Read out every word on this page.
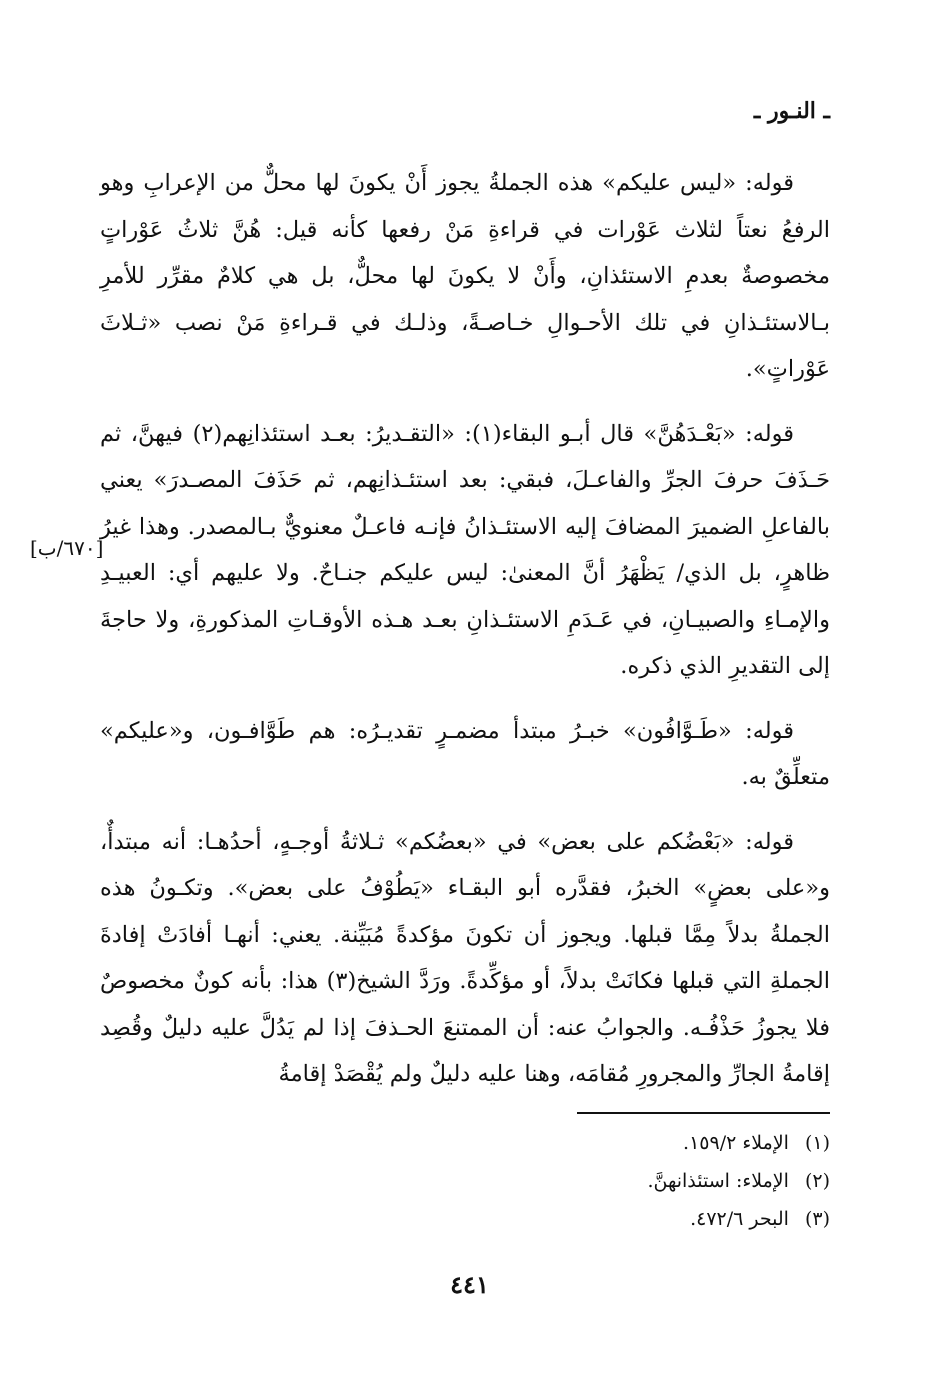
ـ النـور ـ
[٦٧٠/ب]

قوله: «ليس عليكم» هذه الجملةُ يجوز أَنْ يكونَ لها محلٌّ من الإعرابِ وهو الرفعُ نعتاً لثلاث عَوْرات في قراءةِ مَنْ رفعها كأنه قيل: هُنَّ ثلاثُ عَوْراتٍ مخصوصةٌ بعدمِ الاستئذانِ، وأَنْ لا يكونَ لها محلٌّ، بل هي كلامٌ مقرِّر للأمرِ بـالاستئـذانِ في تلك الأحـوالِ خـاصـةً، وذلـك في قـراءةِ مَنْ نصب «ثـلاثَ عَوْراتٍ».

قوله: «بَعْـدَهُنَّ» قال أبـو البقاء(١): «التقـديرُ: بعـد استئذانِهم(٢) فيهنَّ، ثم حَـذَفَ حرفَ الجرِّ والفاعـلَ، فبقي: بعد استئـذانِهم، ثم حَذَفَ المصـدرَ» يعني بالفاعلِ الضميرَ المضافَ إليه الاستئـذانُ فإنـه فاعـلٌ معنويٌّ بـالمصدر. وهذا غيرُ ظاهرٍ، بل الذي/ يَظْهَرُ أنَّ المعنىٰ: ليس عليكم جنـاحٌ. ولا عليهم أي: العبيـدِ والإمـاءِ والصبيـانِ، في عَـدَمِ الاستئـذانِ بعـد هـذه الأوقـاتِ المذكورةِ، ولا حاجةَ إلى التقديرِ الذي ذكره.

قوله: «طَـوَّافُون» خبـرُ مبتدأ مضمـرٍ تقديـرُه: هم طَوَّافـون، و«عليكم» متعلِّقٌ به.

قوله: «بَعْضُكم على بعض» في «بعضُكم» ثـلاثةُ أوجـهٍ، أحدُهـا: أنه مبتدأٌ، و«على بعضٍ» الخبرُ، فقدَّره أبو البقـاء «يَطُوْفُ على بعض». وتكـونُ هذه الجملةُ بدلاً مِمَّا قبلها. ويجوز أن تكونَ مؤكدةً مُبَيِّنة. يعني: أنهـا أفادَتْ إفادةَ الجملةِ التي قبلها فكانَتْ بدلاً، أو مؤكِّدةً. ورَدَّ الشيخ(٣) هذا: بأنه كونٌ مخصوصٌ فلا يجوزُ حَذْفُـه. والجوابُ عنه: أن الممتنعَ الحـذفَ إذا لم يَدُلَّ عليه دليلٌ وقُصِد إقامةُ الجارِّ والمجرورِ مُقامَه، وهنا عليه دليلٌ ولم يُقْصَدْ إقامةُ

(١)الإملاء ١٥٩/٢.
(٢)الإملاء: استئذانهنَّ.
(٣)البحر ٤٧٢/٦.
٤٤١
